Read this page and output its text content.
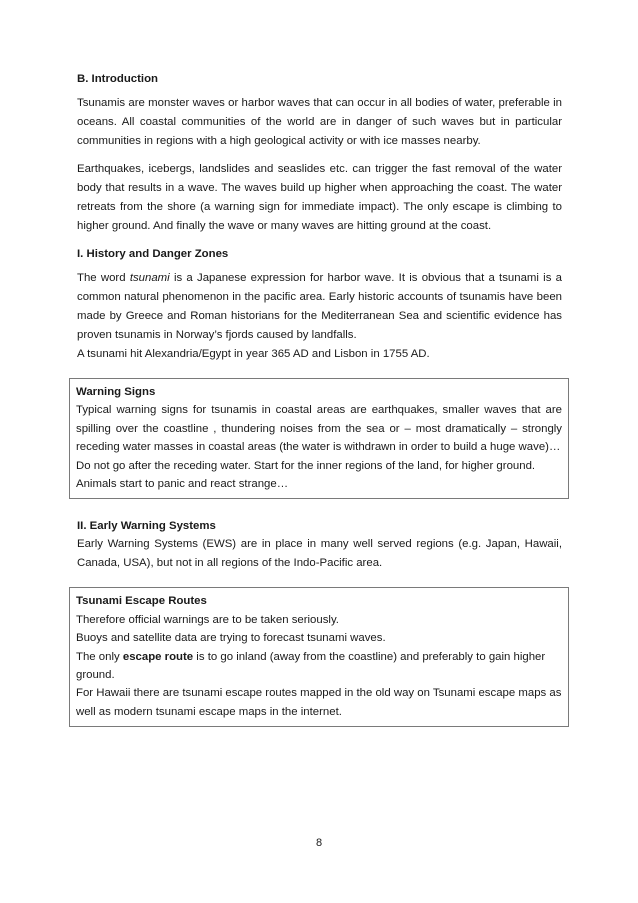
B. Introduction

Tsunamis are monster waves or harbor waves that can occur in all bodies of water, preferable in oceans. All coastal communities of the world are in danger of such waves but in particular communities in regions with a high geological activity or with ice masses nearby.

Earthquakes, icebergs, landslides and seaslides etc. can trigger the fast removal of the water body that results in a wave. The waves build up higher when approaching the coast. The water retreats from the shore (a warning sign for immediate impact). The only escape is climbing to higher ground. And finally the wave or many waves are hitting ground at the coast.

I. History and Danger Zones

The word tsunami is a Japanese expression for harbor wave. It is obvious that a tsunami is a common natural phenomenon in the pacific area. Early historic accounts of tsunamis have been made by Greece and Roman historians for the Mediterranean Sea and scientific evidence has proven tsunamis in Norway’s fjords caused by landfalls.

A tsunami hit Alexandria/Egypt in year 365 AD and Lisbon in 1755 AD.

Warning Signs

Typical warning signs for tsunamis in coastal areas are earthquakes, smaller waves that are spilling over the coastline , thundering noises from the sea or – most dramatically – strongly receding water masses in coastal areas (the water is withdrawn in order to build a huge wave)…

Do not go after the receding water. Start for the inner regions of the land, for higher ground.

Animals start to panic and react strange…

II. Early Warning Systems

Early Warning Systems (EWS) are in place in many well served regions (e.g. Japan, Hawaii, Canada, USA), but not in all regions of the Indo-Pacific area.

Tsunami Escape Routes

Therefore official warnings are to be taken seriously.

Buoys and satellite data are trying to forecast tsunami waves.

The only escape route is to go inland (away from the coastline) and preferably to gain higher ground.

For Hawaii there are tsunami escape routes mapped in the old way on Tsunami escape maps as well as modern tsunami escape maps in the internet.

8
